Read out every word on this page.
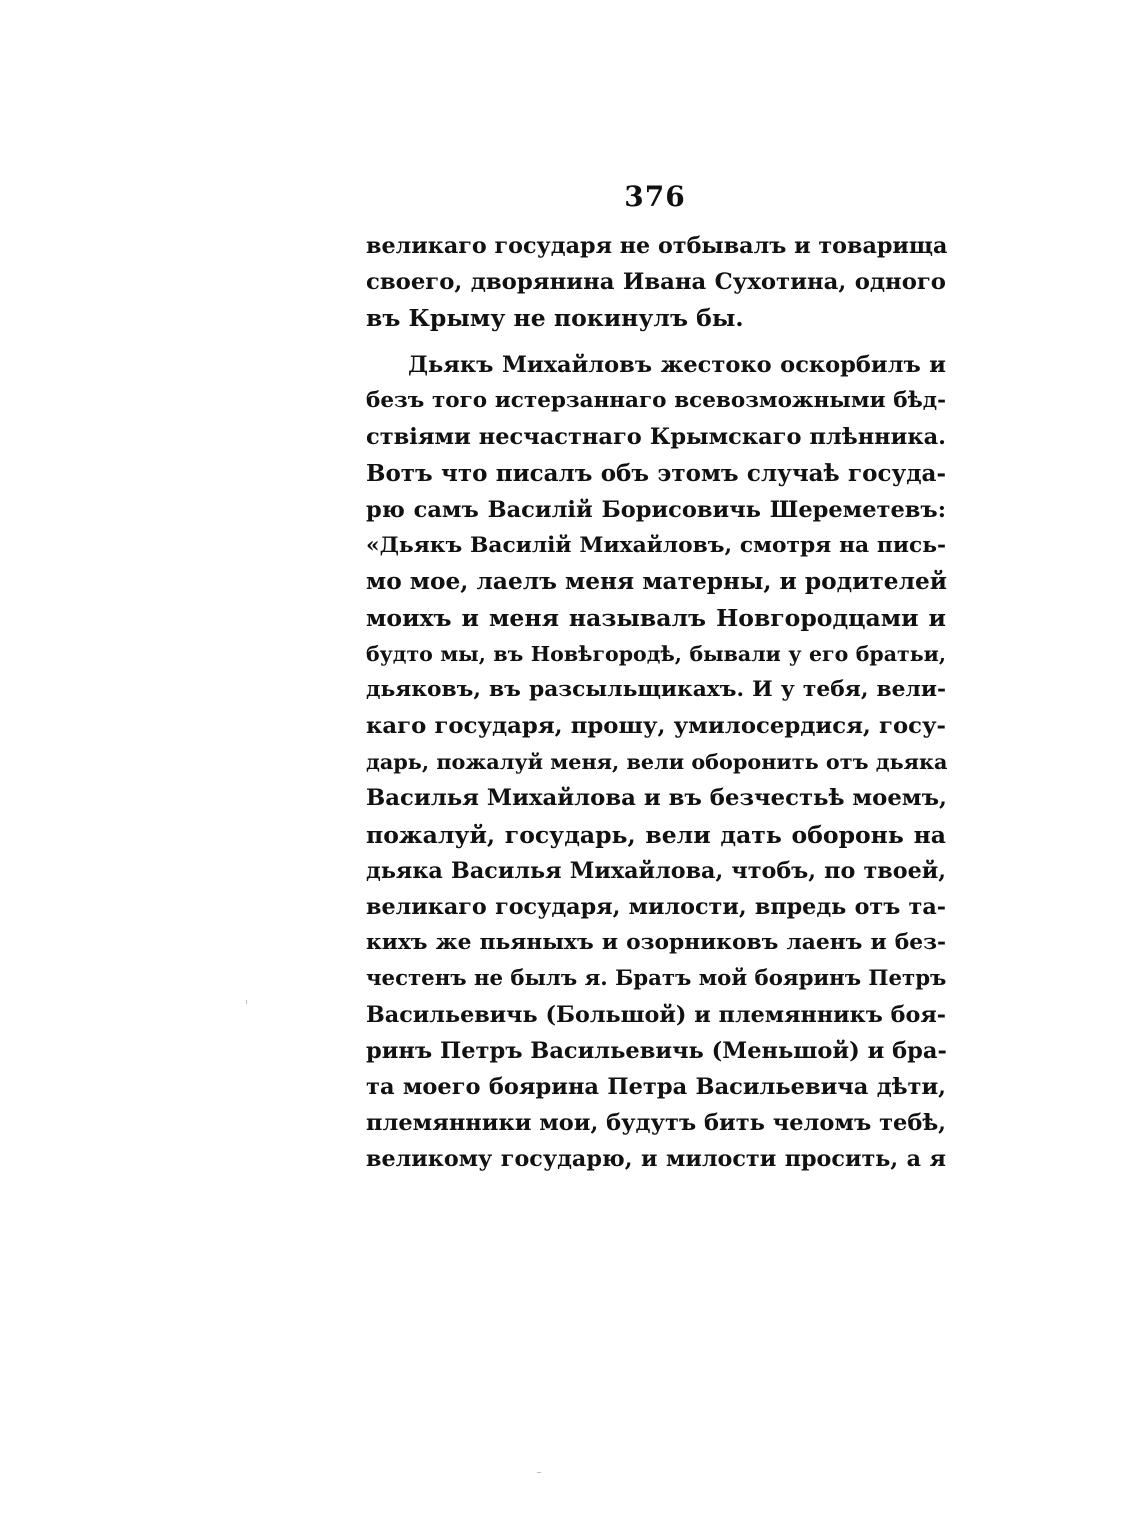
376
великаго государя не отбывалъ и товарища
своего, дворянина Ивана Сухотина, одного
въ Крыму не покинулъ бы.
Дьякъ Михайловъ жестоко оскорбилъ и
безъ того истерзаннаго всевозможными бѣд-
ствіями несчастнаго Крымскаго плѣнника.
Вотъ что писалъ объ этомъ случаѣ госуда-
рю самъ Василій Борисовичь Шереметевъ:
«Дьякъ Василій Михайловъ, смотря на пись-
мо мое, лаелъ меня матерны, и родителей
моихъ и меня называлъ Новгородцами и
будто мы, въ Новѣгородѣ, бывали у его братьи,
дьяковъ, въ разсыльщикахъ. И у тебя, вели-
каго государя, прошу, умилосердися, госу-
дарь, пожалуй меня, вели оборонить отъ дьяка
Василья Михайлова и въ безчестьѣ моемъ,
пожалуй, государь, вели дать оборонь на
дьяка Василья Михайлова, чтобъ, по твоей,
великаго государя, милости, впредь отъ та-
кихъ же пьяныхъ и озорниковъ лаенъ и без-
честенъ не былъ я. Братъ мой бояринъ Петръ
Васильевичь (Большой) и племянникъ боя-
ринъ Петръ Васильевичь (Меньшой) и бра-
та моего боярина Петра Васильевича дѣти,
племянники мои, будутъ бить челомъ тебѣ,
великому государю, и милости просить, а я
